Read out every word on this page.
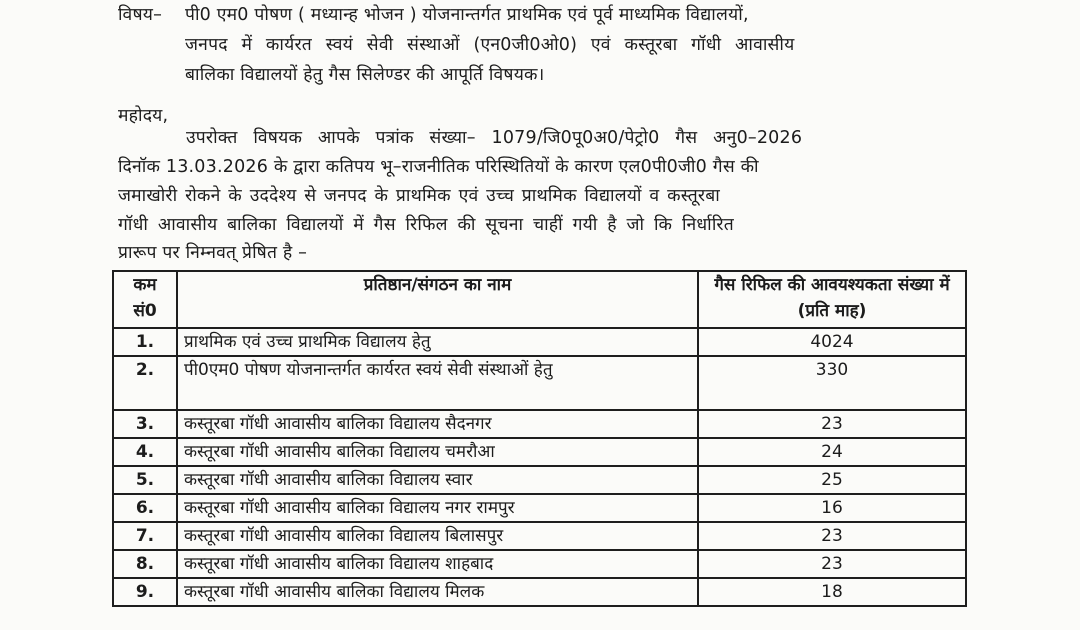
विषय– पी0 एम0 पोषण ( मध्यान्ह भोजन ) योजनान्तर्गत प्राथमिक एवं पूर्व माध्यमिक विद्यालयों,
जनपद में कार्यरत स्वयं सेवी संस्थाओं (एन0जी0ओ0) एवं कस्तूरबा गॉधी आवासीय
बालिका विद्यालयों हेतु गैस सिलेण्डर की आपूर्ति विषयक।
महोदय,
उपरोक्त विषयक आपके पत्रांक संख्या– 1079/जि0पू0अ0/पेट्रो0 गैस अनु0–2026
दिनॉक 13.03.2026 के द्वारा कतिपय भू–राजनीतिक परिस्थितियों के कारण एल0पी0जी0 गैस की
जमाखोरी रोकने के उददेश्य से जनपद के प्राथमिक एवं उच्च प्राथमिक विद्यालयों व कस्तूरबा
गॉधी आवासीय बालिका विद्यालयों में गैस रिफिल की सूचना चाहीं गयी है जो कि निर्धारित
प्रारूप पर निम्नवत् प्रेषित है –
कम सं0	प्रतिष्ठान/संगठन का नाम	गैस रिफिल की आवयश्यकता संख्या में (प्रति माह)
1.	प्राथमिक एवं उच्च प्राथमिक विद्यालय हेतु	4024
2.	पी0एम0 पोषण योजनान्तर्गत कार्यरत स्वयं सेवी संस्थाओं हेतु	330
3.	कस्तूरबा गॉधी आवासीय बालिका विद्यालय सैदनगर	23
4.	कस्तूरबा गॉधी आवासीय बालिका विद्यालय चमरौआ	24
5.	कस्तूरबा गॉधी आवासीय बालिका विद्यालय स्वार	25
6.	कस्तूरबा गॉधी आवासीय बालिका विद्यालय नगर रामपुर	16
7.	कस्तूरबा गॉधी आवासीय बालिका विद्यालय बिलासपुर	23
8.	कस्तूरबा गॉधी आवासीय बालिका विद्यालय शाहबाद	23
9.	कस्तूरबा गॉधी आवासीय बालिका विद्यालय मिलक	18
